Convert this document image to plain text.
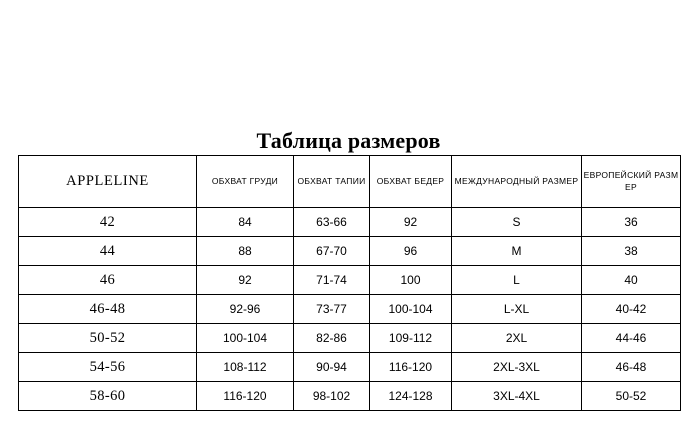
Таблица размеров
APPLELINE	ОБХВАТ ГРУДИ	ОБХВАТ ТАПИИ	ОБХВАТ БЕДЕР	МЕЖДУНАРОДНЫЙ РАЗМЕР	ЕВРОПЕЙСКИЙ РАЗМ ЕР
42	84	63-66	92	S	36
44	88	67-70	96	M	38
46	92	71-74	100	L	40
46-48	92-96	73-77	100-104	L-XL	40-42
50-52	100-104	82-86	109-112	2XL	44-46
54-56	108-112	90-94	116-120	2XL-3XL	46-48
58-60	116-120	98-102	124-128	3XL-4XL	50-52
